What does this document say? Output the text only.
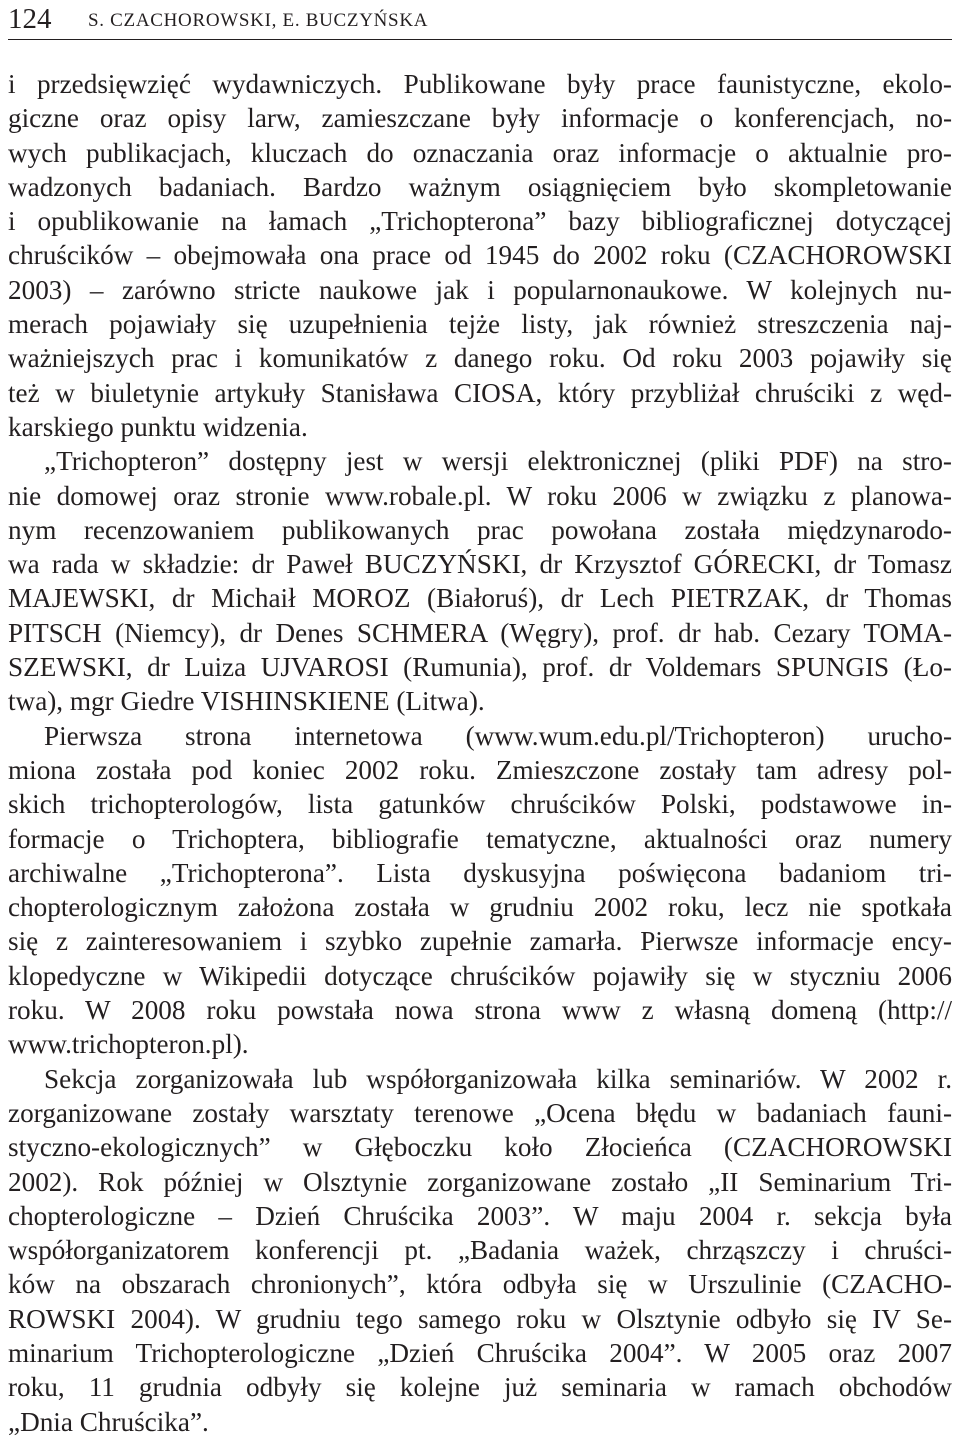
124 S. CZACHOROWSKI, E. BUCZYŃSKA
i przedsięwzięć wydawniczych. Publikowane były prace faunistyczne, ekolo-
giczne oraz opisy larw, zamieszczane były informacje o konferencjach, no-
wych publikacjach, kluczach do oznaczania oraz informacje o aktualnie pro-
wadzonych badaniach. Bardzo ważnym osiągnięciem było skompletowanie
i opublikowanie na łamach „Trichopterona” bazy bibliograficznej dotyczącej
chruścików – obejmowała ona prace od 1945 do 2002 roku (CZACHOROWSKI
2003) – zarówno stricte naukowe jak i popularnonaukowe. W kolejnych nu-
merach pojawiały się uzupełnienia tejże listy, jak również streszczenia naj-
ważniejszych prac i komunikatów z danego roku. Od roku 2003 pojawiły się
też w biuletynie artykuły Stanisława CIOSA, który przybliżał chruściki z węd-
karskiego punktu widzenia.
„Trichopteron” dostępny jest w wersji elektronicznej (pliki PDF) na stro-
nie domowej oraz stronie www.robale.pl. W roku 2006 w związku z planowa-
nym recenzowaniem publikowanych prac powołana została międzynarodo-
wa rada w składzie: dr Paweł BUCZYŃSKI, dr Krzysztof GÓRECKI, dr Tomasz
MAJEWSKI, dr Michaił MOROZ (Białoruś), dr Lech PIETRZAK, dr Thomas
PITSCH (Niemcy), dr Denes SCHMERA (Węgry), prof. dr hab. Cezary TOMA-
SZEWSKI, dr Luiza UJVAROSI (Rumunia), prof. dr Voldemars SPUNGIS (Ło-
twa), mgr Giedre VISHINSKIENE (Litwa).
Pierwsza strona internetowa (www.wum.edu.pl/Trichopteron) urucho-
miona została pod koniec 2002 roku. Zmieszczone zostały tam adresy pol-
skich trichopterologów, lista gatunków chruścików Polski, podstawowe in-
formacje o Trichoptera, bibliografie tematyczne, aktualności oraz numery
archiwalne „Trichopterona”. Lista dyskusyjna poświęcona badaniom tri-
chopterologicznym założona została w grudniu 2002 roku, lecz nie spotkała
się z zainteresowaniem i szybko zupełnie zamarła. Pierwsze informacje ency-
klopedyczne w Wikipedii dotyczące chruścików pojawiły się w styczniu 2006
roku. W 2008 roku powstała nowa strona www z własną domeną (http://
www.trichopteron.pl).
Sekcja zorganizowała lub współorganizowała kilka seminariów. W 2002 r.
zorganizowane zostały warsztaty terenowe „Ocena błędu w badaniach fauni-
styczno-ekologicznych” w Głęboczku koło Złocieńca (CZACHOROWSKI
2002). Rok później w Olsztynie zorganizowane zostało „II Seminarium Tri-
chopterologiczne – Dzień Chruścika 2003”. W maju 2004 r. sekcja była
współorganizatorem konferencji pt. „Badania ważek, chrząszczy i chruści-
ków na obszarach chronionych”, która odbyła się w Urszulinie (CZACHO-
ROWSKI 2004). W grudniu tego samego roku w Olsztynie odbyło się IV Se-
minarium Trichopterologiczne „Dzień Chruścika 2004”. W 2005 oraz 2007
roku, 11 grudnia odbyły się kolejne już seminaria w ramach obchodów
„Dnia Chruścika”.
